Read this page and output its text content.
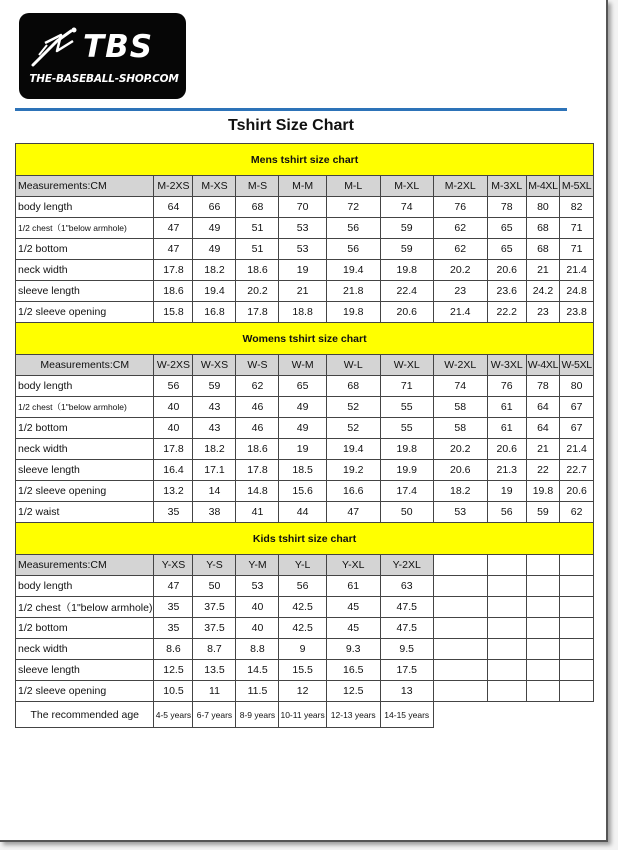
TBS
THE-BASEBALL-SHOP.COM
Tshirt Size Chart
Mens tshirt size chart										
Measurements:CM	M-2XS	M-XS	M-S	M-M	M-L	M-XL	M-2XL	M-3XL	M-4XL	M-5XL
body length	64	66	68	70	72	74	76	78	80	82
1/2 chest（1"below armhole)	47	49	51	53	56	59	62	65	68	71
1/2 bottom	47	49	51	53	56	59	62	65	68	71
neck width	17.8	18.2	18.6	19	19.4	19.8	20.2	20.6	21	21.4
sleeve length	18.6	19.4	20.2	21	21.8	22.4	23	23.6	24.2	24.8
1/2 sleeve opening	15.8	16.8	17.8	18.8	19.8	20.6	21.4	22.2	23	23.8
Womens tshirt size chart										
Measurements:CM	W-2XS	W-XS	W-S	W-M	W-L	W-XL	W-2XL	W-3XL	W-4XL	W-5XL
body length	56	59	62	65	68	71	74	76	78	80
1/2 chest（1"below armhole)	40	43	46	49	52	55	58	61	64	67
1/2 bottom	40	43	46	49	52	55	58	61	64	67
neck width	17.8	18.2	18.6	19	19.4	19.8	20.2	20.6	21	21.4
sleeve length	16.4	17.1	17.8	18.5	19.2	19.9	20.6	21.3	22	22.7
1/2 sleeve opening	13.2	14	14.8	15.6	16.6	17.4	18.2	19	19.8	20.6
1/2 waist	35	38	41	44	47	50	53	56	59	62
Kids tshirt size chart										
Measurements:CM	Y-XS	Y-S	Y-M	Y-L	Y-XL	Y-2XL				
body length	47	50	53	56	61	63				
1/2 chest（1"below armhole)	35	37.5	40	42.5	45	47.5				
1/2 bottom	35	37.5	40	42.5	45	47.5				
neck width	8.6	8.7	8.8	9	9.3	9.5				
sleeve length	12.5	13.5	14.5	15.5	16.5	17.5				
1/2 sleeve opening	10.5	11	11.5	12	12.5	13				
The recommended age	4-5 years	6-7 years	8-9 years	10-11 years	12-13 years	14-15 years				
